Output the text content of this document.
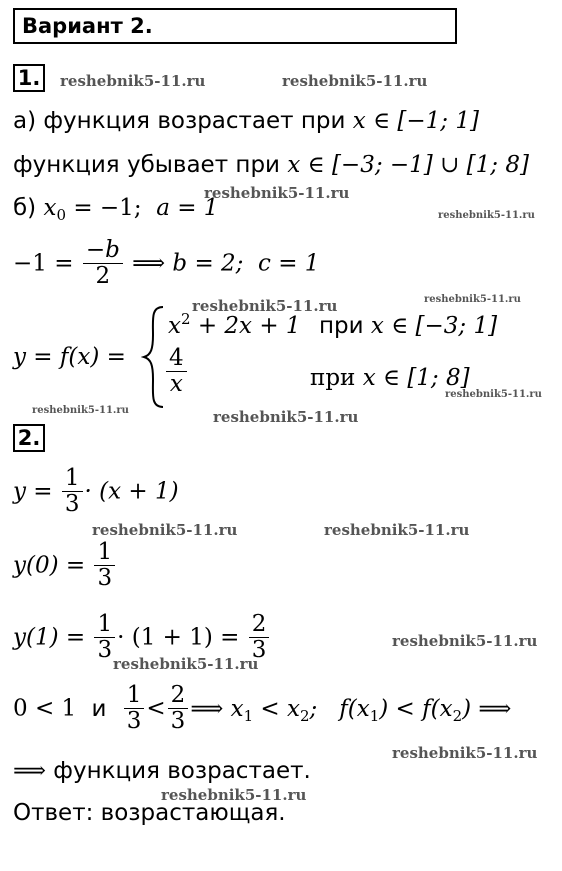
Вариант 2.
1.
а) функция возрастает при x ∈ [−1; 1]
функция убывает при x ∈ [−3; −1] ∪ [1; 8]
б) $x_0 = -1$;  a = 1
$-1 = \frac{-b}{2}$ ⟹ b = 2;  c = 1
y = f(x) =
$x^2 + 2x + 1$ при x ∈ [−3; 1]
$\frac{4}{x}$	при x ∈ [1; 8]
2.
$y = \frac{1}{3} \cdot (x + 1)$
$y(0) = \frac{1}{3}$
$y(1) = \frac{1}{3} \cdot (1 + 1) = \frac{2}{3}$
0 < 1 и $\frac{1}{3} < \frac{2}{3}$ ⟹ $x_1 < x_2$;   $f(x_1) < f(x_2)$ ⟹
⟹ функция возрастает.
Ответ: возрастающая.
reshebnik5-11.ru	reshebnik5-11.ru
reshebnik5-11.ru
reshebnik5-11.ru
reshebnik5-11.ru	reshebnik5-11.ru
reshebnik5-11.ru
reshebnik5-11.ru	reshebnik5-11.ru
reshebnik5-11.ru	reshebnik5-11.ru
reshebnik5-11.ru
reshebnik5-11.ru
reshebnik5-11.ru
reshebnik5-11.ru
